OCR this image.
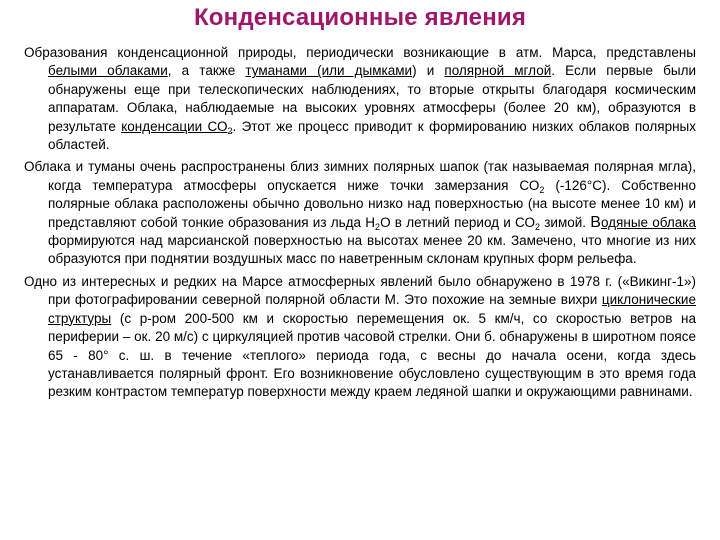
Конденсационные явления

Образования конденсационной природы, периодически возникающие в атм. Марса, представлены белыми облаками, а также туманами (или дымками) и полярной мглой. Если первые были обнаружены еще при телескопических наблюдениях, то вторые открыты благодаря космическим аппаратам. Облака, наблюдаемые на высоких уровнях атмосферы (более 20 км), образуются в результате конденсации $СО_2$. Этот же процесс приводит к формированию низких облаков полярных областей.

Облака и туманы очень распространены близ зимних полярных шапок (так называемая полярная мгла), когда температура атмосферы опускается ниже точки замерзания $СО_2$ (-126°С). Собственно полярные облака расположены обычно довольно низко над поверхностью (на высоте менее 10 км) и представляют собой тонкие образования из льда $Н_2О$ в летний период и $СО_2$ зимой. Водяные облака формируются над марсианской поверхностью на высотах менее 20 км. Замечено, что многие из них образуются при поднятии воздушных масс по наветренным склонам крупных форм рельефа.

Одно из интересных и редких на Марсе атмосферных явлений было обнаружено в 1978 г. («Викинг-1») при фотографировании северной полярной области М. Это похожие на земные вихри циклонические структуры (с р-ром 200-500 км и скоростью перемещения ок. 5 км/ч, со скоростью ветров на периферии – ок. 20 м/с) с циркуляцией против часовой стрелки. Они б. обнаружены в широтном поясе 65 - 80° с. ш. в течение «теплого» периода года, с весны до начала осени, когда здесь устанавливается полярный фронт. Его возникновение обусловлено существующим в это время года резким контрастом температур поверхности между краем ледяной шапки и окружающими равнинами.
